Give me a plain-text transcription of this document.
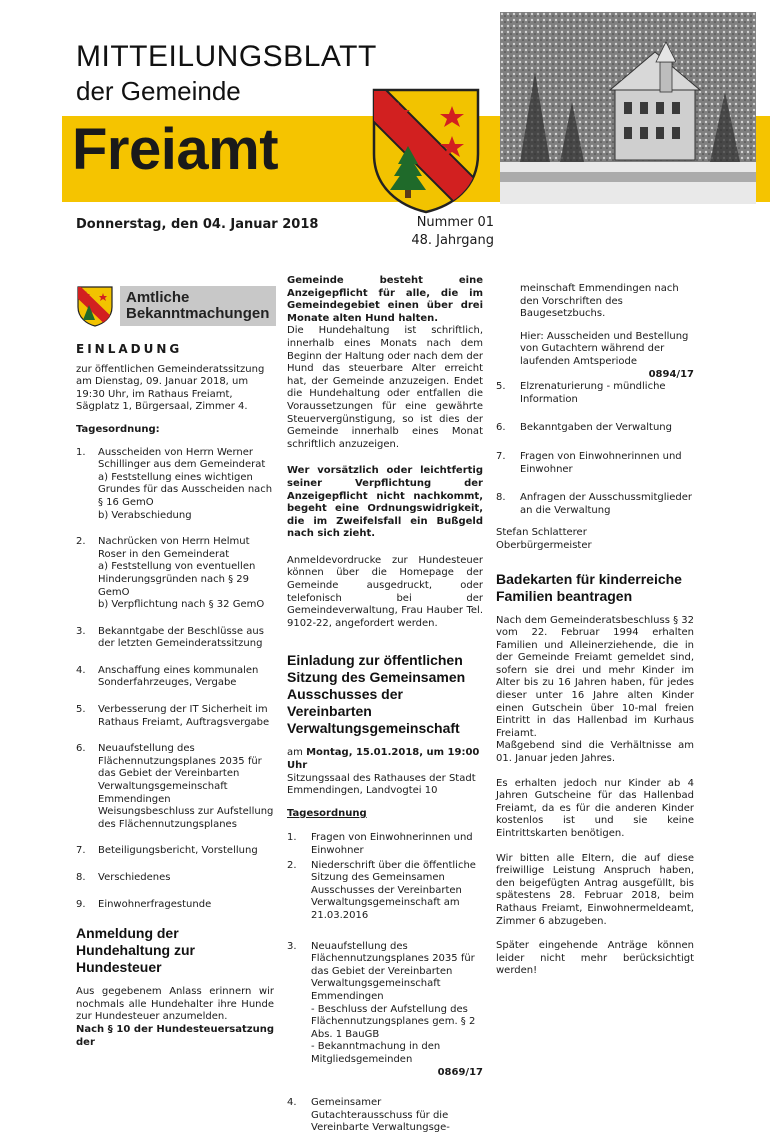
MITTEILUNGSBLATT
der Gemeinde
Freiamt
Donnerstag, den 04. Januar 2018	Nummer 01
48. Jahrgang
Amtliche Bekanntmachungen
EINLADUNG

zur öffentlichen Gemeinderatssitzung am Dienstag, 09. Januar 2018, um 19:30 Uhr, im Rathaus Freiamt, Sägplatz 1, Bürgersaal, Zimmer 4.

Tagesordnung:
1.	Ausscheiden von Herrn Werner Schillinger aus dem Gemeinderat
a) Feststellung eines wichtigen Grundes für das Ausscheiden nach § 16 GemO
b) Verabschiedung
2.	Nachrücken von Herrn Helmut Roser in den Gemeinderat
a) Feststellung von eventuellen Hinderungsgründen nach § 29 GemO
b) Verpflichtung nach § 32 GemO
3.	Bekanntgabe der Beschlüsse aus der letzten Gemeinderatssitzung
4.	Anschaffung eines kommunalen Sonderfahrzeuges, Vergabe
5.	Verbesserung der IT Sicherheit im Rathaus Freiamt, Auftragsvergabe
6.	Neuaufstellung des Flächennutzungsplanes 2035 für das Gebiet der Vereinbarten Verwaltungsgemeinschaft Emmendingen
Weisungsbeschluss zur Aufstellung des Flächennutzungsplanes
7.	Beteiligungsbericht, Vorstellung
8.	Verschiedenes
9.	Einwohnerfragestunde
Anmeldung der Hundehaltung zur Hundesteuer

Aus gegebenem Anlass erinnern wir nochmals alle Hundehalter ihre Hunde zur Hundesteuer anzumelden.

Nach § 10 der Hundesteuersatzung der

Gemeinde besteht eine Anzeigepflicht für alle, die im Gemeindegebiet einen über drei Monate alten Hund halten.

Die Hundehaltung ist schriftlich, innerhalb eines Monats nach dem Beginn der Haltung oder nach dem der Hund das steuerbare Alter erreicht hat, der Gemeinde anzuzeigen. Endet die Hundehaltung oder entfallen die Voraussetzungen für eine gewährte Steuervergünstigung, so ist dies der Gemeinde innerhalb eines Monat schriftlich anzuzeigen.

Wer vorsätzlich oder leichtfertig seiner Verpflichtung der Anzeigepflicht nicht nachkommt, begeht eine Ordnungswidrigkeit, die im Zweifelsfall ein Bußgeld nach sich zieht.

Anmeldevordrucke zur Hundesteuer können über die Homepage der Gemeinde ausgedruckt, oder telefonisch bei der Gemeindeverwaltung, Frau Hauber Tel. 9102-22, angefordert werden.

Einladung zur öffentlichen Sitzung des Gemeinsamen Ausschusses der Vereinbarten Verwaltungsgemeinschaft
am Montag, 15.01.2018, um 19:00 Uhr
Sitzungssaal des Rathauses der Stadt Emmendingen, Landvogtei 10
Tagesordnung
1.	Fragen von Einwohnerinnen und Einwohner
2.	Niederschrift über die öffentliche Sitzung des Gemeinsamen Ausschusses der Vereinbarten Verwaltungsgemeinschaft am 21.03.2016
3.	Neuaufstellung des Flächennutzungsplanes 2035 für das Gebiet der Vereinbarten Verwaltungsgemeinschaft Emmendingen
- Beschluss der Aufstellung des Flächennutzungsplanes gem. § 2 Abs. 1 BauGB
- Bekanntmachung in den Mitgliedsgemeinden
0869/17
4.	Gemeinsamer Gutachterausschuss für die Vereinbarte Verwaltungsge-
meinschaft Emmendingen nach den Vorschriften des Baugesetzbuchs.
Hier: Ausscheiden und Bestellung von Gutachtern während der laufenden Amtsperiode
0894/17
5.	Elzrenaturierung - mündliche Information
6.	Bekanntgaben der Verwaltung
7.	Fragen von Einwohnerinnen und Einwohner
8.	Anfragen der Ausschussmitglieder an die Verwaltung
Stefan Schlatterer
Oberbürgermeister
Badekarten für kinderreiche Familien beantragen

Nach dem Gemeinderatsbeschluss § 32 vom 22. Februar 1994 erhalten Familien und Alleinerziehende, die in der Gemeinde Freiamt gemeldet sind, sofern sie drei und mehr Kinder im Alter bis zu 16 Jahren haben, für jedes dieser unter 16 Jahre alten Kinder einen Gutschein über 10-mal freien Eintritt in das Hallenbad im Kurhaus Freiamt.

Maßgebend sind die Verhältnisse am 01. Januar jeden Jahres.

Es erhalten jedoch nur Kinder ab 4 Jahren Gutscheine für das Hallenbad Freiamt, da es für die anderen Kinder kostenlos ist und sie keine Eintrittskarten benötigen.

Wir bitten alle Eltern, die auf diese freiwillige Leistung Anspruch haben, den beigefügten Antrag ausgefüllt, bis spätestens 28. Februar 2018, beim Rathaus Freiamt, Einwohnermeldeamt, Zimmer 6 abzugeben.

Später eingehende Anträge können leider nicht mehr berücksichtigt werden!
